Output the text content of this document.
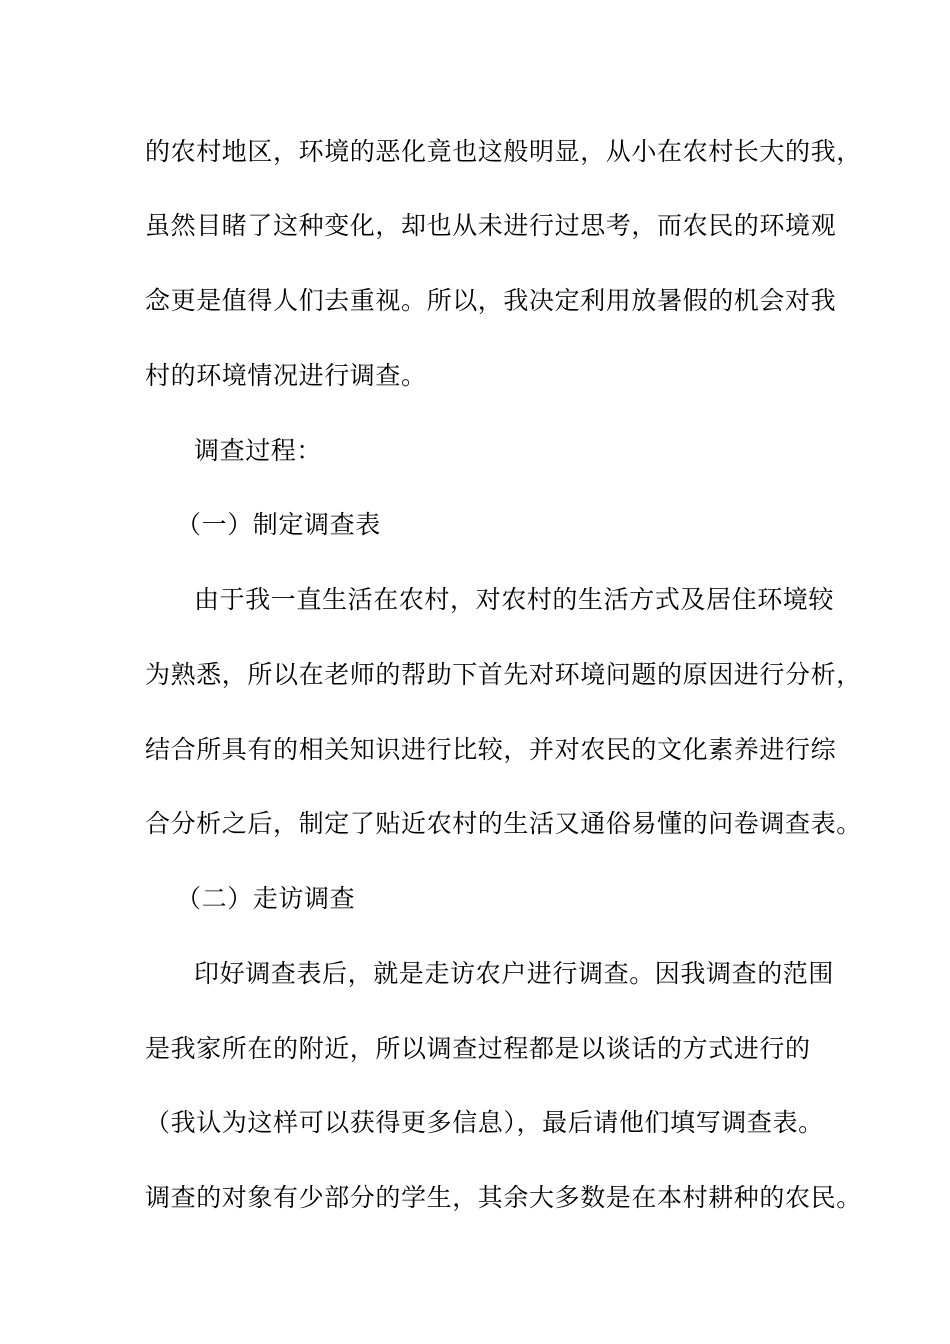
的农村地区，环境的恶化竟也这般明显，从小在农村长大的我，
虽然目睹了这种变化，却也从未进行过思考，而农民的环境观
念更是值得人们去重视。所以，我决定利用放暑假的机会对我
村的环境情况进行调查。
调查过程：
（一）制定调查表
由于我一直生活在农村，对农村的生活方式及居住环境较
为熟悉，所以在老师的帮助下首先对环境问题的原因进行分析，
结合所具有的相关知识进行比较，并对农民的文化素养进行综
合分析之后，制定了贴近农村的生活又通俗易懂的问卷调查表。
（二）走访调查
印好调查表后，就是走访农户进行调查。因我调查的范围
是我家所在的附近，所以调查过程都是以谈话的方式进行的
（我认为这样可以获得更多信息），最后请他们填写调查表。
调查的对象有少部分的学生，其余大多数是在本村耕种的农民。
